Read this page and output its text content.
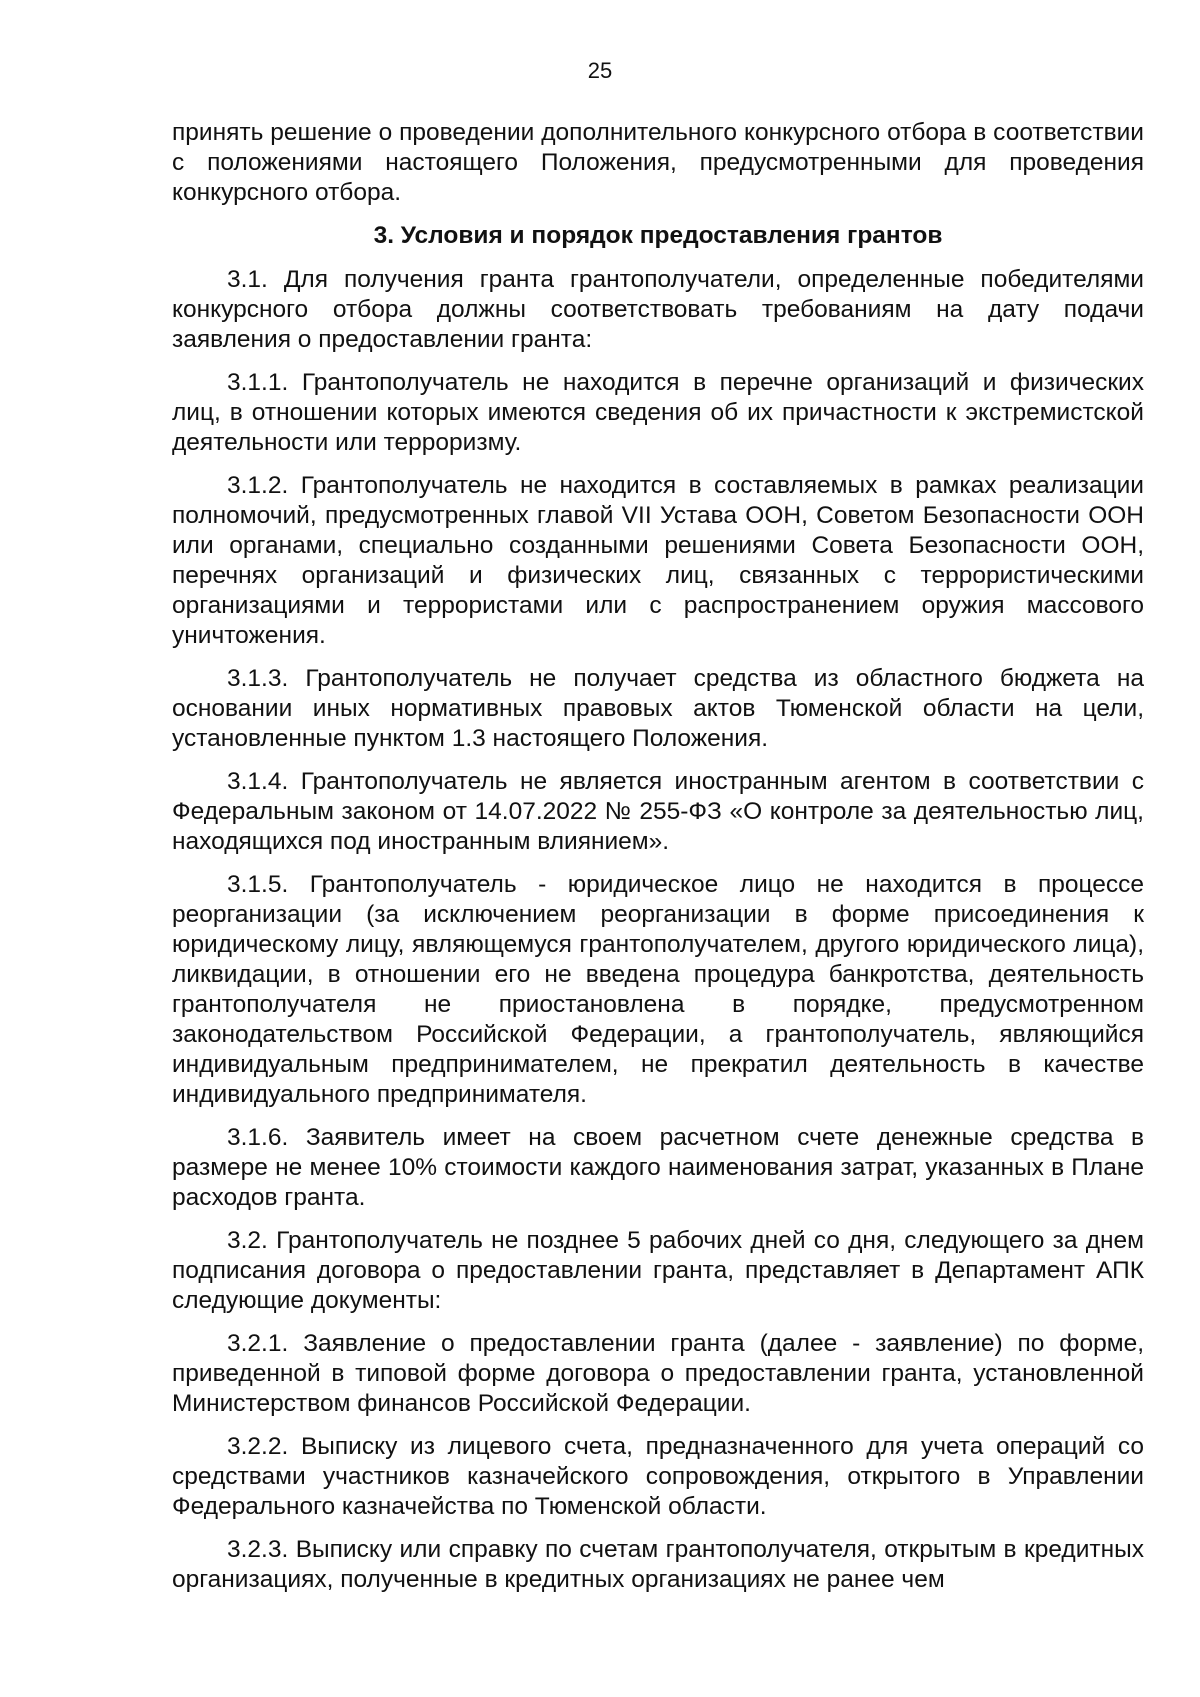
25

принять решение о проведении дополнительного конкурсного отбора в соответствии с положениями настоящего Положения, предусмотренными для проведения конкурсного отбора.

3. Условия и порядок предоставления грантов

3.1. Для получения гранта грантополучатели, определенные победителями конкурсного отбора должны соответствовать требованиям на дату подачи заявления о предоставлении гранта:

3.1.1. Грантополучатель не находится в перечне организаций и физических лиц, в отношении которых имеются сведения об их причастности к экстремистской деятельности или терроризму.

3.1.2. Грантополучатель не находится в составляемых в рамках реализации полномочий, предусмотренных главой VII Устава ООН, Советом Безопасности ООН или органами, специально созданными решениями Совета Безопасности ООН, перечнях организаций и физических лиц, связанных с террористическими организациями и террористами или с распространением оружия массового уничтожения.

3.1.3. Грантополучатель не получает средства из областного бюджета на основании иных нормативных правовых актов Тюменской области на цели, установленные пунктом 1.3 настоящего Положения.

3.1.4. Грантополучатель не является иностранным агентом в соответствии с Федеральным законом от 14.07.2022 № 255-ФЗ «О контроле за деятельностью лиц, находящихся под иностранным влиянием».

3.1.5. Грантополучатель - юридическое лицо не находится в процессе реорганизации (за исключением реорганизации в форме присоединения к юридическому лицу, являющемуся грантополучателем, другого юридического лица), ликвидации, в отношении его не введена процедура банкротства, деятельность грантополучателя не приостановлена в порядке, предусмотренном законодательством Российской Федерации, а грантополучатель, являющийся индивидуальным предпринимателем, не прекратил деятельность в качестве индивидуального предпринимателя.

3.1.6. Заявитель имеет на своем расчетном счете денежные средства в размере не менее 10% стоимости каждого наименования затрат, указанных в Плане расходов гранта.

3.2. Грантополучатель не позднее 5 рабочих дней со дня, следующего за днем подписания договора о предоставлении гранта, представляет в Департамент АПК следующие документы:

3.2.1. Заявление о предоставлении гранта (далее - заявление) по форме, приведенной в типовой форме договора о предоставлении гранта, установленной Министерством финансов Российской Федерации.

3.2.2. Выписку из лицевого счета, предназначенного для учета операций со средствами участников казначейского сопровождения, открытого в Управлении Федерального казначейства по Тюменской области.

3.2.3. Выписку или справку по счетам грантополучателя, открытым в кредитных организациях, полученные в кредитных организациях не ранее чем
